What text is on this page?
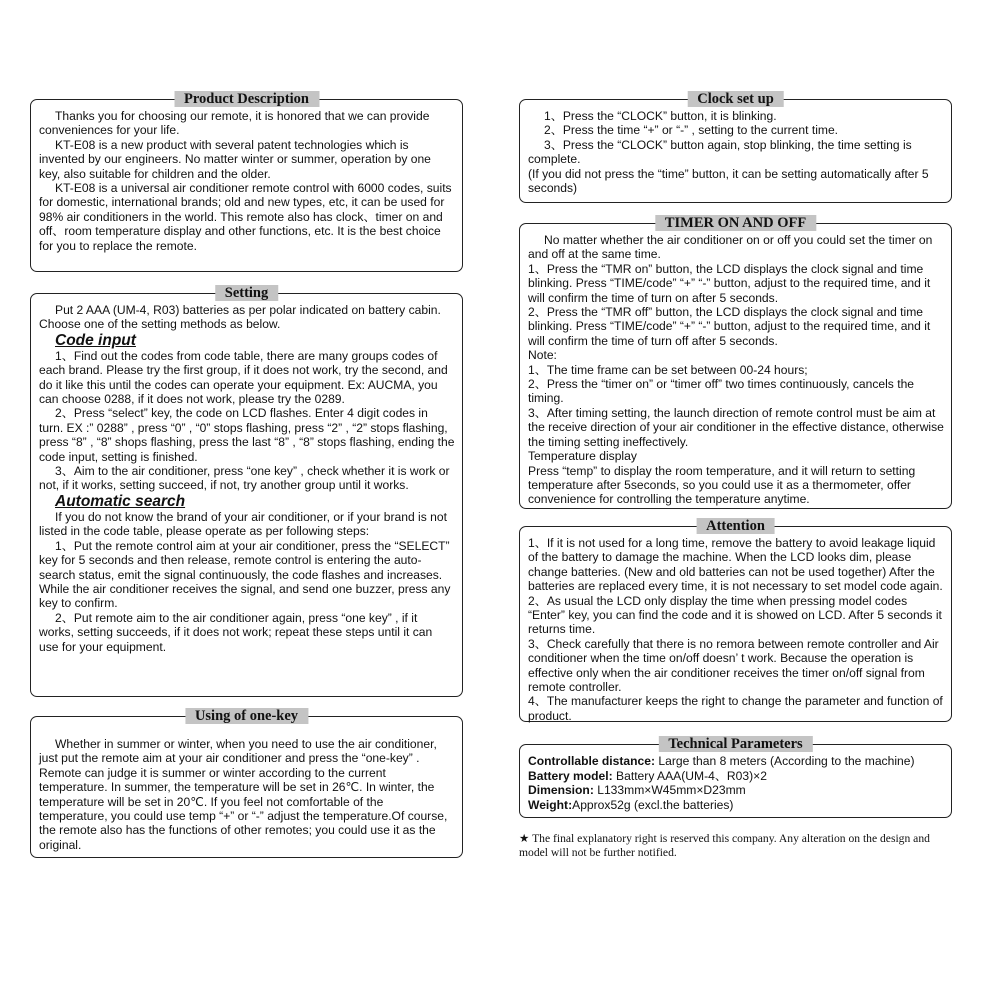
Product Description

Thanks you for choosing our remote, it is honored that we can provide conveniences for your life.

KT-E08 is a new product with several patent technologies which is invented by our engineers. No matter winter or summer, operation by one key, also suitable for children and the older.

KT-E08 is a universal air conditioner remote control with 6000 codes, suits for domestic, international brands; old and new types, etc, it can be used for 98% air conditioners in the world. This remote also has clock、timer on and off、room temperature display and other functions, etc. It is the best choice for you to replace the remote.

Setting

Put 2 AAA (UM-4, R03) batteries as per polar indicated on battery cabin. Choose one of the setting methods as below.

Code input

1、Find out the codes from code table, there are many groups codes of each brand. Please try the first group, if it does not work, try the second, and do it like this until the codes can operate your equipment. Ex: AUCMA, you can choose 0288, if it does not work, please try the 0289.

2、Press “select” key, the code on LCD flashes. Enter 4 digit codes in turn. EX :” 0288” , press “0” , “0” stops flashing, press “2” , “2” stops flashing, press “8” , “8” shops flashing, press the last “8” , “8” stops flashing, ending the code input, setting is finished.

3、Aim to the air conditioner, press “one key” , check whether it is work or not, if it works, setting succeed, if not, try another group until it works.

Automatic search

If you do not know the brand of your air conditioner, or if your brand is not listed in the code table, please operate as per following steps:

1、Put the remote control aim at your air conditioner, press the “SELECT” key for 5 seconds and then release, remote control is entering the auto-search status, emit the signal continuously, the code flashes and increases. While the air conditioner receives the signal, and send one buzzer, press any key to confirm.

2、Put remote aim to the air conditioner again, press “one key” , if it works, setting succeeds, if it does not work; repeat these steps until it can use for your equipment.

Using of one-key

Whether in summer or winter, when you need to use the air conditioner, just put the remote aim at your air conditioner and press the “one-key” . Remote can judge it is summer or winter according to the current temperature. In summer, the temperature will be set in 26℃. In winter, the temperature will be set in 20℃. If you feel not comfortable of the temperature, you could use temp “+” or “-” adjust the temperature.Of course, the remote also has the functions of other remotes; you could use it as the original.

Clock set up

1、Press the “CLOCK” button, it is blinking.

2、Press the time “+” or “-” , setting to the current time.

3、Press the “CLOCK” button again, stop blinking, the time setting is complete.

(If you did not press the “time” button, it can be setting automatically after 5 seconds)

TIMER ON AND OFF

No matter whether the air conditioner on or off you could set the timer on and off at the same time.

1、Press the “TMR on” button, the LCD displays the clock signal and time blinking. Press “TIME/code” “+” “-” button, adjust to the required time, and it will confirm the time of turn on after 5 seconds.

2、Press the “TMR off” button, the LCD displays the clock signal and time blinking. Press “TIME/code” “+” “-” button, adjust to the required time, and it will confirm the time of turn off after 5 seconds.

Note:

1、The time frame can be set between 00-24 hours;

2、Press the “timer on” or “timer off” two times continuously, cancels the timing.

3、After timing setting, the launch direction of remote control must be aim at the receive direction of your air conditioner in the effective distance, otherwise the timing setting ineffectively.

Temperature display

Press “temp” to display the room temperature, and it will return to setting temperature after 5seconds, so you could use it as a thermometer, offer convenience for controlling the temperature anytime.

Attention

1、If it is not used for a long time, remove the battery to avoid leakage liquid of the battery to damage the machine. When the LCD looks dim, please change batteries. (New and old batteries can not be used together) After the batteries are replaced every time, it is not necessary to set model code again.

2、As usual the LCD only display the time when pressing model codes “Enter” key, you can find the code and it is showed on LCD. After 5 seconds it returns time.

3、Check carefully that there is no remora between remote controller and Air conditioner when the time on/off doesn’ t work. Because the operation is effective only when the air conditioner receives the timer on/off signal from remote controller.

4、The manufacturer keeps the right to change the parameter and function of product.

Technical Parameters

Controllable distance: Large than 8 meters (According to the machine)

Battery model: Battery AAA(UM-4、R03)×2

Dimension: L133mm×W45mm×D23mm

Weight:Approx52g (excl.the batteries)

★ The final explanatory right is reserved this company. Any alteration on the design and model will not be further notified.
